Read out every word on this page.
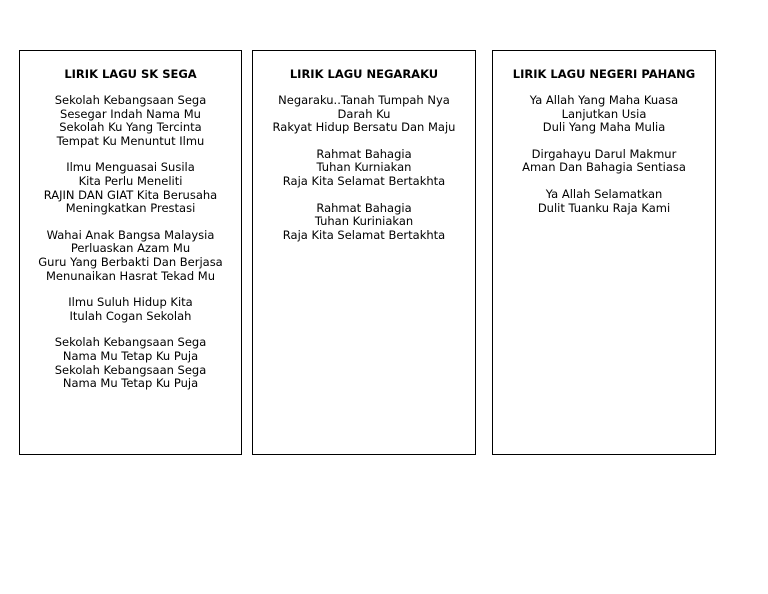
LIRIK LAGU SK SEGA
Sekolah Kebangsaan Sega
Sesegar Indah Nama Mu
Sekolah Ku Yang Tercinta
Tempat Ku Menuntut Ilmu
Ilmu Menguasai Susila
Kita Perlu Meneliti
RAJIN DAN GIAT Kita Berusaha
Meningkatkan Prestasi
Wahai Anak Bangsa Malaysia
Perluaskan Azam Mu
Guru Yang Berbakti Dan Berjasa
Menunaikan Hasrat Tekad Mu
Ilmu Suluh Hidup Kita
Itulah Cogan Sekolah
Sekolah Kebangsaan Sega
Nama Mu Tetap Ku Puja
Sekolah Kebangsaan Sega
Nama Mu Tetap Ku Puja
LIRIK LAGU NEGARAKU
Negaraku..Tanah Tumpah Nya
Darah Ku
Rakyat Hidup Bersatu Dan Maju
Rahmat Bahagia
Tuhan Kurniakan
Raja Kita Selamat Bertakhta
Rahmat Bahagia
Tuhan Kuriniakan
Raja Kita Selamat Bertakhta
LIRIK LAGU NEGERI PAHANG
Ya Allah Yang Maha Kuasa
Lanjutkan Usia
Duli Yang Maha Mulia
Dirgahayu Darul Makmur
Aman Dan Bahagia Sentiasa
Ya Allah Selamatkan
Dulit Tuanku Raja Kami
